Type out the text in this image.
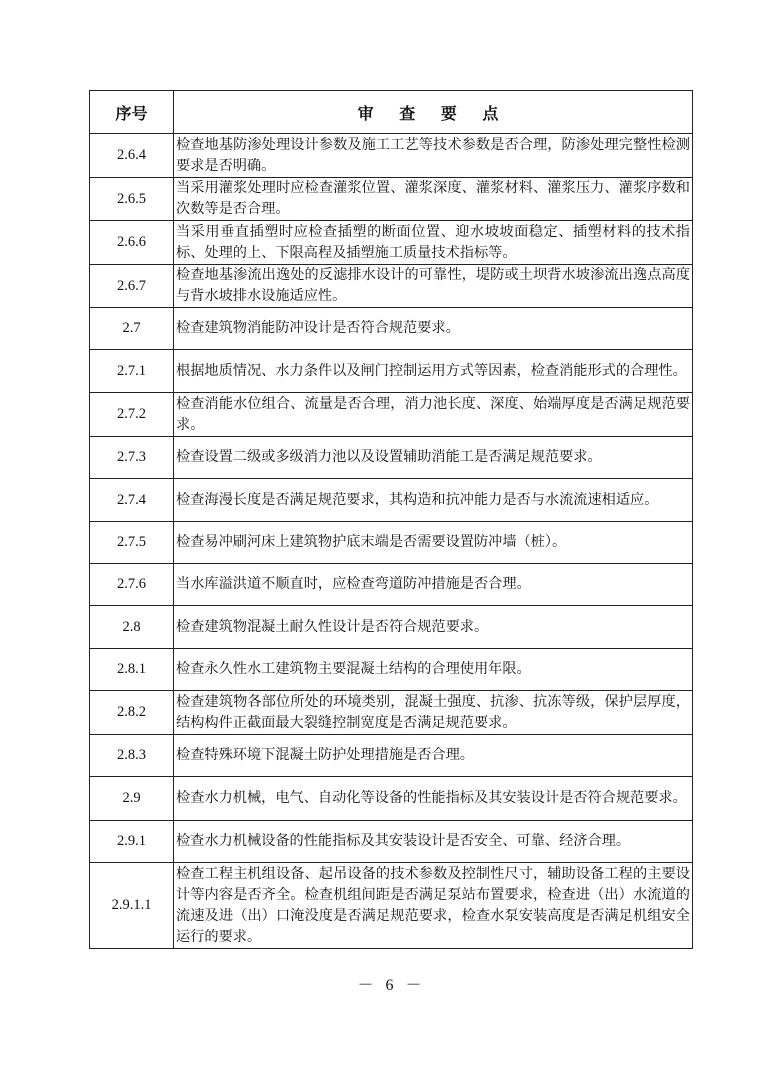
序号	审 查 要 点
2.6.4	检查地基防渗处理设计参数及施工工艺等技术参数是否合理，防渗处理完整性检测要求是否明确。
2.6.5	当采用灌浆处理时应检查灌浆位置、灌浆深度、灌浆材料、灌浆压力、灌浆序数和次数等是否合理。
2.6.6	当采用垂直插塑时应检查插塑的断面位置、迎水坡坡面稳定、插塑材料的技术指标、处理的上、下限高程及插塑施工质量技术指标等。
2.6.7	检查地基渗流出逸处的反滤排水设计的可靠性，堤防或土坝背水坡渗流出逸点高度与背水坡排水设施适应性。
2.7	检查建筑物消能防冲设计是否符合规范要求。
2.7.1	根据地质情况、水力条件以及闸门控制运用方式等因素，检查消能形式的合理性。
2.7.2	检查消能水位组合、流量是否合理，消力池长度、深度、始端厚度是否满足规范要求。
2.7.3	检查设置二级或多级消力池以及设置辅助消能工是否满足规范要求。
2.7.4	检查海漫长度是否满足规范要求，其构造和抗冲能力是否与水流流速相适应。
2.7.5	检查易冲刷河床上建筑物护底末端是否需要设置防冲墙（桩）。
2.7.6	当水库溢洪道不顺直时，应检查弯道防冲措施是否合理。
2.8	检查建筑物混凝土耐久性设计是否符合规范要求。
2.8.1	检查永久性水工建筑物主要混凝土结构的合理使用年限。
2.8.2	检查建筑物各部位所处的环境类别，混凝土强度、抗渗、抗冻等级，保护层厚度，结构构件正截面最大裂缝控制宽度是否满足规范要求。
2.8.3	检查特殊环境下混凝土防护处理措施是否合理。
2.9	检查水力机械，电气、自动化等设备的性能指标及其安装设计是否符合规范要求。
2.9.1	检查水力机械设备的性能指标及其安装设计是否安全、可靠、经济合理。
2.9.1.1	检查工程主机组设备、起吊设备的技术参数及控制性尺寸，辅助设备工程的主要设计等内容是否齐全。检查机组间距是否满足泵站布置要求，检查进（出）水流道的流速及进（出）口淹没度是否满足规范要求，检查水泵安装高度是否满足机组安全运行的要求。
－ 6 －
